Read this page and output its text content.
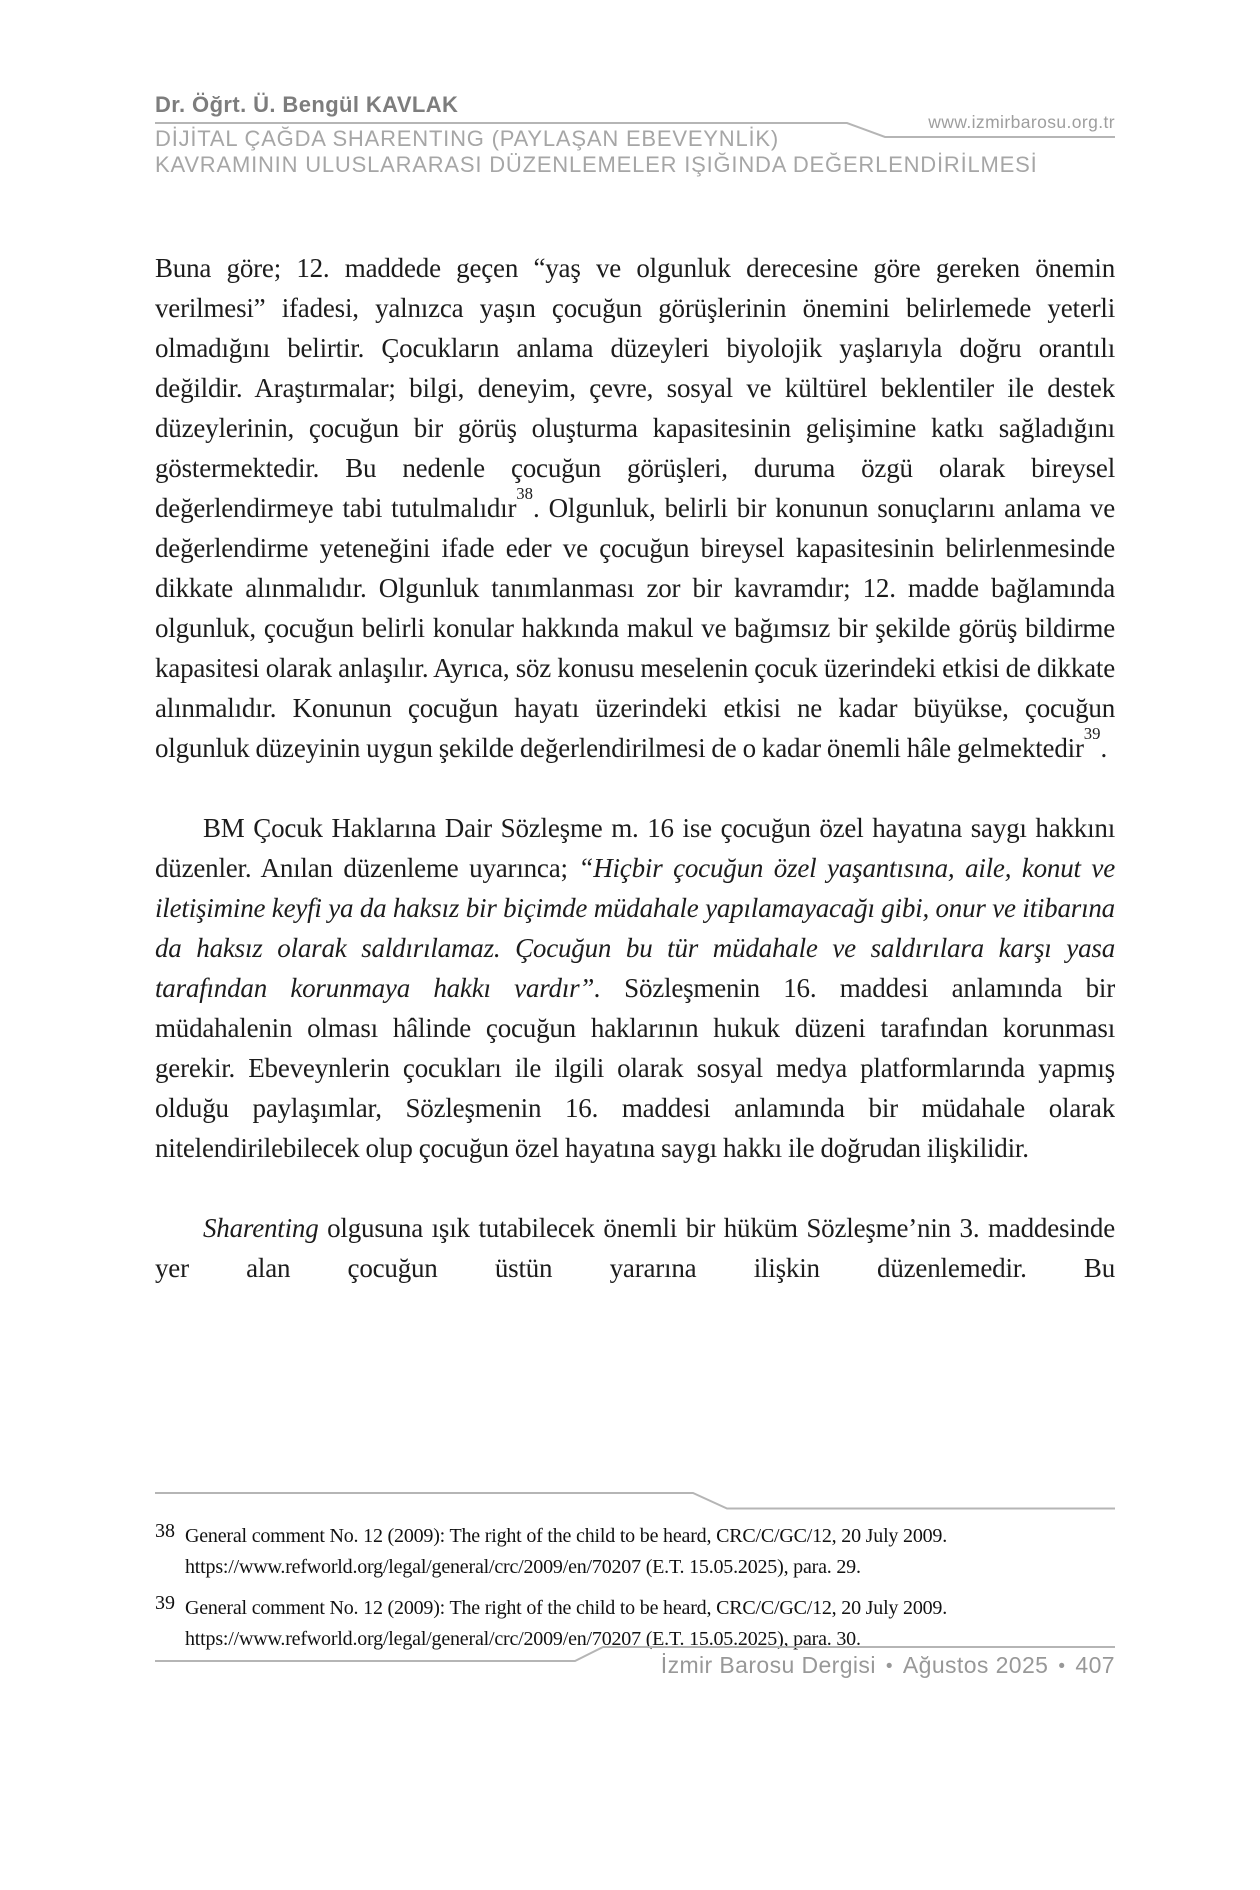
Dr. Öğrt. Ü. Bengül KAVLAK
www.izmirbarosu.org.tr
DİJİTAL ÇAĞDA SHARENTING (PAYLAŞAN EBEVEYNLİK)
KAVRAMININ ULUSLARARASI DÜZENLEMELER IŞIĞINDA DEĞERLENDİRİLMESİ

Buna göre; 12. maddede geçen “yaş ve olgunluk derecesine göre gereken önemin verilmesi” ifadesi, yalnızca yaşın çocuğun görüşlerinin önemini belirlemede yeterli olmadığını belirtir. Çocukların anlama düzeyleri biyolojik yaşlarıyla doğru orantılı değildir. Araştırmalar; bilgi, deneyim, çevre, sosyal ve kültürel beklentiler ile destek düzeylerinin, çocuğun bir görüş oluşturma kapasitesinin gelişimine katkı sağladığını göstermektedir. Bu nedenle çocuğun görüşleri, duruma özgü olarak bireysel değerlendirmeye tabi tutulmalıdır$^{38}$. Olgunluk, belirli bir konunun sonuçlarını anlama ve değerlendirme yeteneğini ifade eder ve çocuğun bireysel kapasitesinin belirlenmesinde dikkate alınmalıdır. Olgunluk tanımlanması zor bir kavramdır; 12. madde bağlamında olgunluk, çocuğun belirli konular hakkında makul ve bağımsız bir şekilde görüş bildirme kapasitesi olarak anlaşılır. Ayrıca, söz konusu meselenin çocuk üzerindeki etkisi de dikkate alınmalıdır. Konunun çocuğun hayatı üzerindeki etkisi ne kadar büyükse, çocuğun olgunluk düzeyinin uygun şekilde değerlendirilmesi de o kadar önemli hâle gelmektedir$^{39}$.

BM Çocuk Haklarına Dair Sözleşme m. 16 ise çocuğun özel hayatına saygı hakkını düzenler. Anılan düzenleme uyarınca; “Hiçbir çocuğun özel yaşantısına, aile, konut ve iletişimine keyfi ya da haksız bir biçimde müdahale yapılamayacağı gibi, onur ve itibarına da haksız olarak saldırılamaz. Çocuğun bu tür müdahale ve saldırılara karşı yasa tarafından korunmaya hakkı vardır”. Sözleşmenin 16. maddesi anlamında bir müdahalenin olması hâlinde çocuğun haklarının hukuk düzeni tarafından korunması gerekir. Ebeveynlerin çocukları ile ilgili olarak sosyal medya platformlarında yapmış olduğu paylaşımlar, Sözleşmenin 16. maddesi anlamında bir müdahale olarak nitelendirilebilecek olup çocuğun özel hayatına saygı hakkı ile doğrudan ilişkilidir.

Sharenting olgusuna ışık tutabilecek önemli bir hüküm Sözleşme’nin 3. maddesinde yer alan çocuğun üstün yararına ilişkin düzenlemedir. Bu

38 General comment No. 12 (2009): The right of the child to be heard, CRC/C/GC/12, 20 July 2009. https://www.refworld.org/legal/general/crc/2009/en/70207 (E.T. 15.05.2025), para. 29.
39 General comment No. 12 (2009): The right of the child to be heard, CRC/C/GC/12, 20 July 2009. https://www.refworld.org/legal/general/crc/2009/en/70207 (E.T. 15.05.2025), para. 30.
İzmir Barosu Dergisi • Ağustos 2025 • 407
